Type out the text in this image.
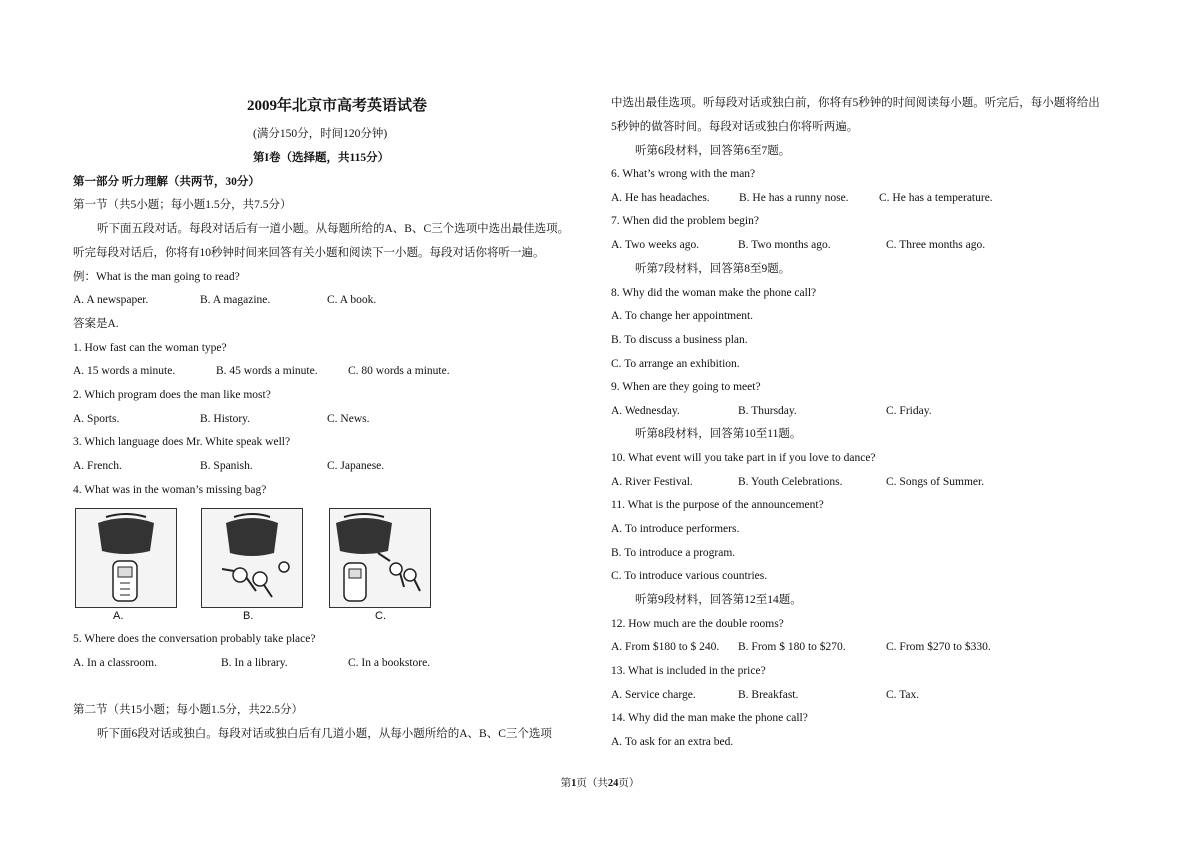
2009年北京市高考英语试卷
(满分150分，时间120分钟)
第I卷（选择题，共115分）
第一部分 听力理解（共两节，30分）
第一节（共5小题；每小题1.5分，共7.5分）
听下面五段对话。每段对话后有一道小题。从每题所给的A、B、C三个选项中选出最佳选项。
听完每段对话后，你将有10秒钟时间来回答有关小题和阅读下一小题。每段对话你将听一遍。
例：What is the man going to read?
A. A newspaper.	B. A magazine.	C. A book.
答案是A.
1. How fast can the woman type?
A. 15 words a minute.	B. 45 words a minute.	C. 80 words a minute.
2. Which program does the man like most?
A. Sports.	B. History.	C. News.
3. Which language does Mr. White speak well?
A. French.	B. Spanish.	C. Japanese.
4. What was in the woman’s missing bag?
A.	B.	C.
5. Where does the conversation probably take place?
A. In a classroom.	B. In a library.	C. In a bookstore.
第二节（共15小题；每小题1.5分，共22.5分）
听下面6段对话或独白。每段对话或独白后有几道小题，从每小题所给的A、B、C三个选项
中选出最佳选项。听每段对话或独白前，你将有5秒钟的时间阅读每小题。听完后，每小题将给出
5秒钟的做答时间。每段对话或独白你将听两遍。
听第6段材料，回答第6至7题。
6. What’s wrong with the man?
A. He has headaches.	B. He has a runny nose.	C. He has a temperature.
7. When did the problem begin?
A. Two weeks ago.	B. Two months ago.	C. Three months ago.
听第7段材料，回答第8至9题。
8. Why did the woman make the phone call?
A. To change her appointment.
B. To discuss a business plan.
C. To arrange an exhibition.
9. When are they going to meet?
A. Wednesday.	B. Thursday.	C. Friday.
听第8段材料，回答第10至11题。
10. What event will you take part in if you love to dance?
A. River Festival.	B. Youth Celebrations.	C. Songs of Summer.
11. What is the purpose of the announcement?
A. To introduce performers.
B. To introduce a program.
C. To introduce various countries.
听第9段材料，回答第12至14题。
12. How much are the double rooms?
A. From $180 to $ 240. B. From $ 180 to $270.	C. From $270 to $330.
13. What is included in the price?
A. Service charge.	B. Breakfast.	C. Tax.
14. Why did the man make the phone call?
A. To ask for an extra bed.
第1页（共24页）
